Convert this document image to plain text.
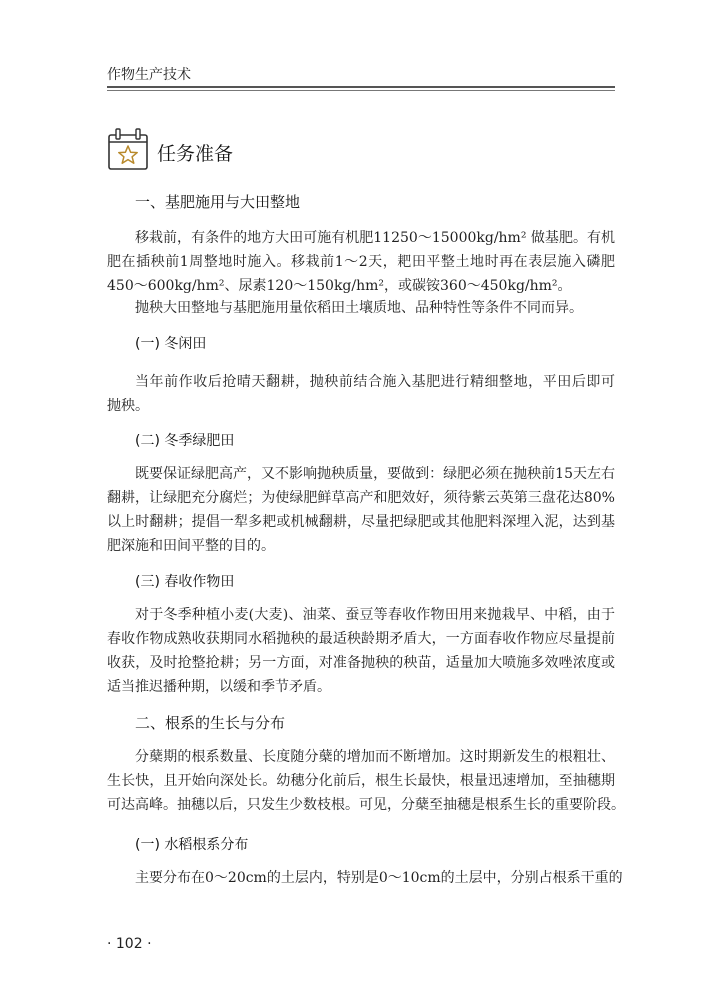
作物生产技术
任务准备
一、基肥施用与大田整地
移栽前，有条件的地方大田可施有机肥11250～15000kg/hm² 做基肥。有机
肥在插秧前1周整地时施入。移栽前1～2天，耙田平整土地时再在表层施入磷肥
450～600kg/hm²、尿素120～150kg/hm²，或碳铵360～450kg/hm²。
抛秧大田整地与基肥施用量依稻田土壤质地、品种特性等条件不同而异。
(一) 冬闲田
当年前作收后抢晴天翻耕，抛秧前结合施入基肥进行精细整地，平田后即可
抛秧。
(二) 冬季绿肥田
既要保证绿肥高产，又不影响抛秧质量，要做到：绿肥必须在抛秧前15天左右
翻耕，让绿肥充分腐烂；为使绿肥鲜草高产和肥效好，须待紫云英第三盘花达80%
以上时翻耕；提倡一犁多耙或机械翻耕，尽量把绿肥或其他肥料深埋入泥，达到基
肥深施和田间平整的目的。
(三) 春收作物田
对于冬季种植小麦(大麦)、油菜、蚕豆等春收作物田用来抛栽早、中稻，由于
春收作物成熟收获期同水稻抛秧的最适秧龄期矛盾大，一方面春收作物应尽量提前
收获，及时抢整抢耕；另一方面，对准备抛秧的秧苗，适量加大喷施多效唑浓度或
适当推迟播种期，以缓和季节矛盾。
二、根系的生长与分布
分蘖期的根系数量、长度随分蘖的增加而不断增加。这时期新发生的根粗壮、
生长快，且开始向深处长。幼穗分化前后，根生长最快，根量迅速增加，至抽穗期
可达高峰。抽穗以后，只发生少数枝根。可见，分蘖至抽穗是根系生长的重要阶段。
(一) 水稻根系分布
主要分布在0～20cm的土层内，特别是0～10cm的土层中，分别占根系干重的
· 102 ·
